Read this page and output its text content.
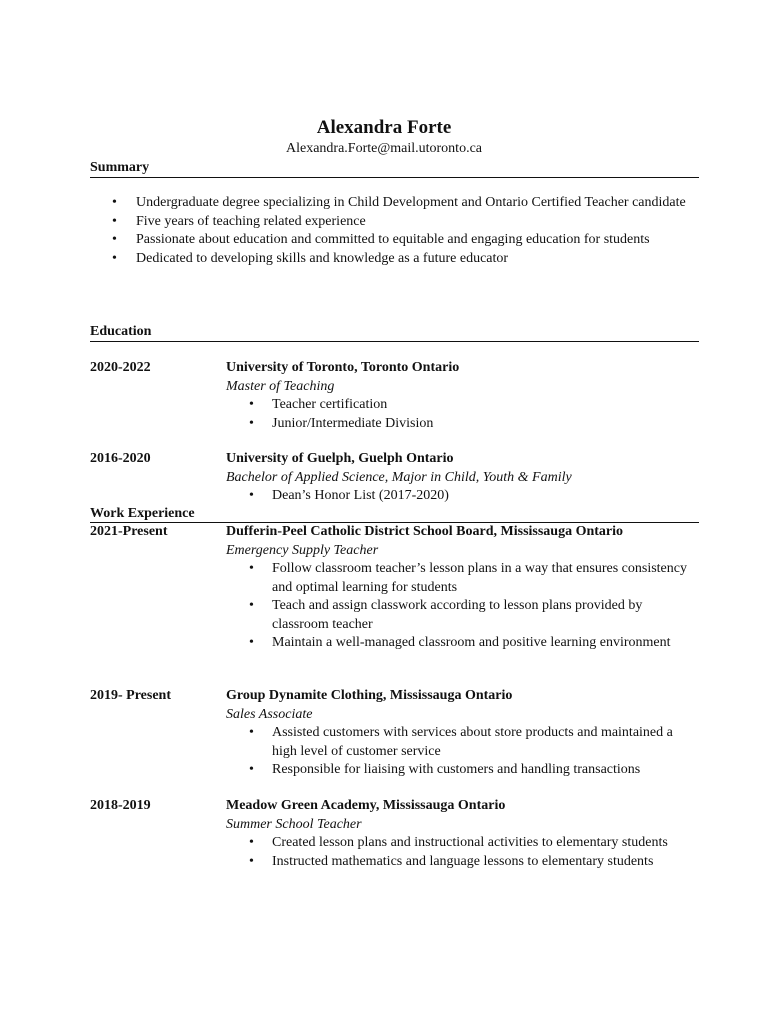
Alexandra Forte
Alexandra.Forte@mail.utoronto.ca
Summary
• Undergraduate degree specializing in Child Development and Ontario Certified Teacher candidate
• Five years of teaching related experience
• Passionate about education and committed to equitable and engaging education for students
• Dedicated to developing skills and knowledge as a future educator
Education
2020-2022	University of Toronto, Toronto Ontario
Master of Teaching
• Teacher certification
• Junior/Intermediate Division
2016-2020	University of Guelph, Guelph Ontario
Bachelor of Applied Science, Major in Child, Youth & Family
• Dean’s Honor List (2017-2020)
Work Experience
2021-Present	Dufferin-Peel Catholic District School Board, Mississauga Ontario
Emergency Supply Teacher
• Follow classroom teacher’s lesson plans in a way that ensures consistency and optimal learning for students
• Teach and assign classwork according to lesson plans provided by classroom teacher
• Maintain a well-managed classroom and positive learning environment
2019- Present	Group Dynamite Clothing, Mississauga Ontario
Sales Associate
• Assisted customers with services about store products and maintained a high level of customer service
• Responsible for liaising with customers and handling transactions
2018-2019	Meadow Green Academy, Mississauga Ontario
Summer School Teacher
• Created lesson plans and instructional activities to elementary students
• Instructed mathematics and language lessons to elementary students
